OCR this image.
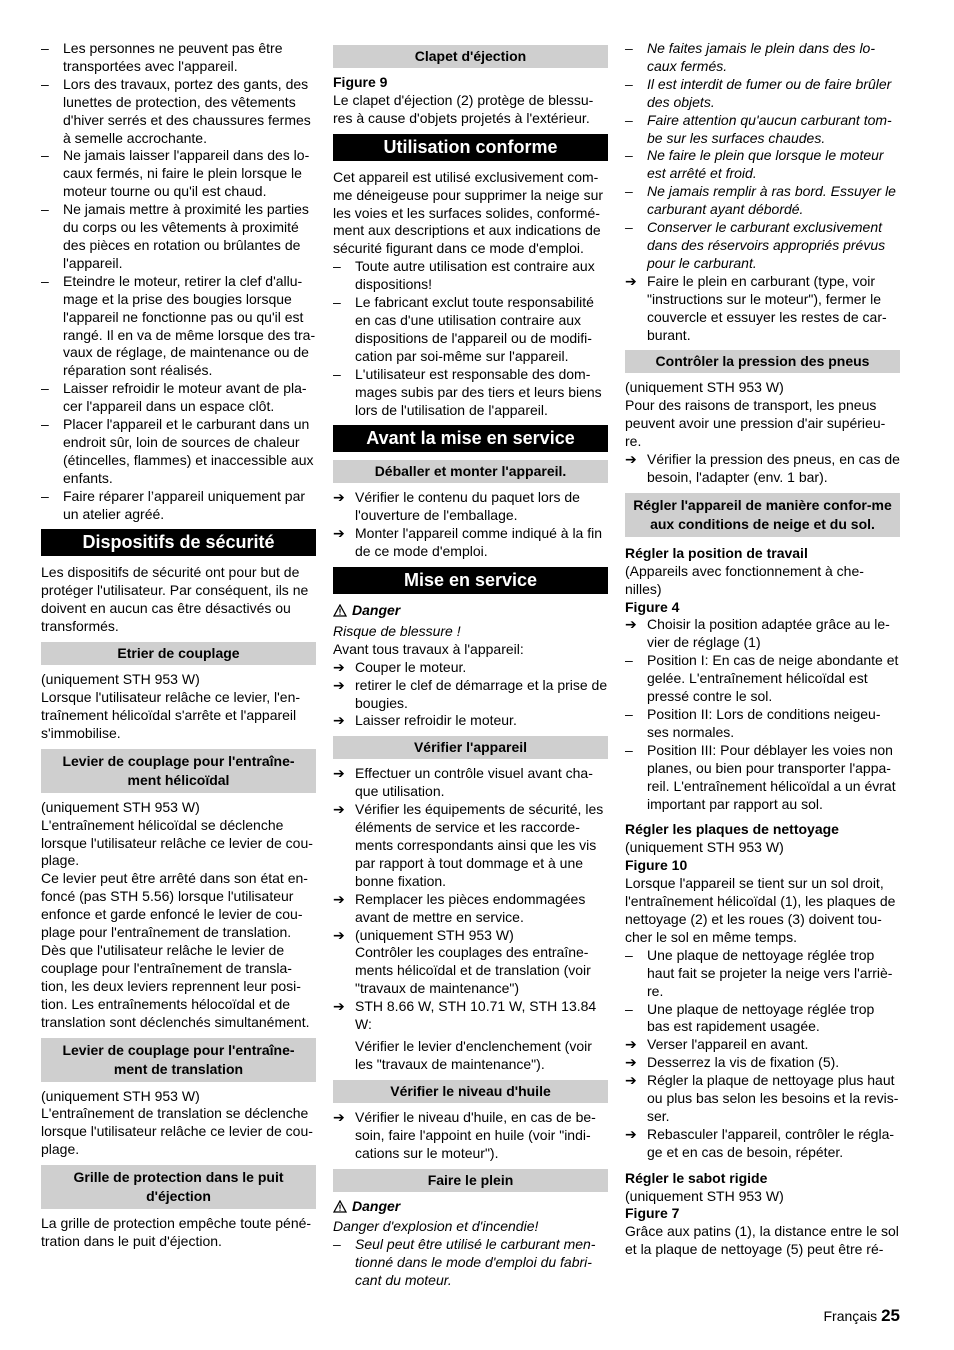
–	Les personnes ne peuvent pas être transportées avec l'appareil.
–	Lors des travaux, portez des gants, des lunettes de protection, des vêtements d'hiver serrés et des chaussures fermes à semelle accrochante.
–	Ne jamais laisser l'appareil dans des lo-caux fermés, ni faire le plein lorsque le moteur tourne ou qu'il est chaud.
–	Ne jamais mettre à proximité les parties du corps ou les vêtements à proximité des pièces en rotation ou brûlantes de l'appareil.
–	Eteindre le moteur, retirer la clef d'allu-mage et la prise des bougies lorsque l'appareil ne fonctionne pas ou qu'il est rangé. Il en va de même lorsque des tra-vaux de réglage, de maintenance ou de réparation sont réalisés.
–	Laisser refroidir le moteur avant de pla-cer l'appareil dans un espace clôt.
–	Placer l'appareil et le carburant dans un endroit sûr, loin de sources de chaleur (étincelles, flammes) et inaccessible aux enfants.
–	Faire réparer l’appareil uniquement par un atelier agréé.
Dispositifs de sécurité

Les dispositifs de sécurité ont pour but de protéger l'utilisateur. Par conséquent, ils ne doivent en aucun cas être désactivés ou transformés.

Etrier de couplage

(uniquement STH 953 W)
Lorsque l'utilisateur relâche ce levier, l'en-traînement hélicoïdal s'arrête et l'appareil s'immobilise.

Levier de couplage pour l'entraîne-ment hélicoïdal

(uniquement STH 953 W)
L'entraînement hélicoïdal se déclenche lorsque l'utilisateur relâche ce levier de cou-plage.
Ce levier peut être arrêté dans son état en-foncé (pas STH 5.56) lorsque l'utilisateur enfonce et garde enfoncé le levier de cou-plage pour l'entraînement de translation. Dès que l'utilisateur relâche le levier de couplage pour l'entraînement de transla-tion, les deux leviers reprennent leur posi-tion. Les entraînements hélocoïdal et de translation sont déclenchés simultanément.

Levier de couplage pour l'entraîne-ment de translation

(uniquement STH 953 W)
L'entraînement de translation se déclenche lorsque l'utilisateur relâche ce levier de cou-plage.

Grille de protection dans le puit d'éjection

La grille de protection empêche toute péné-tration dans le puit d'éjection.

Clapet d'éjection

Figure 9

Le clapet d'éjection (2) protège de blessu-res à cause d'objets projetés à l'extérieur.

Utilisation conforme

Cet appareil est utilisé exclusivement com-me déneigeuse pour supprimer la neige sur les voies et les surfaces solides, conformé-ment aux descriptions et aux indications de sécurité figurant dans ce mode d'emploi.

–	Toute autre utilisation est contraire aux dispositions!
–	Le fabricant exclut toute responsabilité en cas d'une utilisation contraire aux dispositions de l'appareil ou de modifi-cation par soi-même sur l'appareil.
–	L'utilisateur est responsable des dom-mages subis par des tiers et leurs biens lors de l'utilisation de l'appareil.
Avant la mise en service
Déballer et monter l'appareil.
➔ Vérifier le contenu du paquet lors de l'ouverture de l'emballage.
➔ Monter l'appareil comme indiqué à la fin de ce mode d'emploi.
Mise en service
Danger

Risque de blessure !

Avant tous travaux à l'appareil:

➔ Couper le moteur.
➔ retirer le clef de démarrage et la prise de bougies.
➔ Laisser refroidir le moteur.
Vérifier l'appareil
➔ Effectuer un contrôle visuel avant cha-que utilisation.
➔ Vérifier les équipements de sécurité, les éléments de service et les raccorde-ments correspondants ainsi que les vis par rapport à tout dommage et à une bonne fixation.
➔ Remplacer les pièces endommagées avant de mettre en service.
➔ (uniquement STH 953 W)
Contrôler les couplages des entraîne-ments hélicoïdal et de translation (voir "travaux de maintenance")
➔ STH 8.66 W, STH 10.71 W, STH 13.84 W:

Vérifier le levier d'enclenchement (voir les "travaux de maintenance").

Vérifier le niveau d'huile
➔ Vérifier le niveau d'huile, en cas de be-soin, faire l'appoint en huile (voir "indi-cations sur le moteur").
Faire le plein
Danger

Danger d'explosion et d'incendie!

–	Seul peut être utilisé le carburant men-tionné dans le mode d'emploi du fabri-cant du moteur.
–	Ne faites jamais le plein dans des lo-caux fermés.
–	Il est interdit de fumer ou de faire brûler des objets.
–	Faire attention qu'aucun carburant tom-be sur les surfaces chaudes.
–	Ne faire le plein que lorsque le moteur est arrêté et froid.
–	Ne jamais remplir à ras bord. Essuyer le carburant ayant débordé.
–	Conserver le carburant exclusivement dans des réservoirs appropriés prévus pour le carburant.
➔ Faire le plein en carburant (type, voir "instructions sur le moteur"), fermer le couvercle et essuyer les restes de car-burant.
Contrôler la pression des pneus

(uniquement STH 953 W)
Pour des raisons de transport, les pneus peuvent avoir une pression d'air supérieu-re.

➔ Vérifier la pression des pneus, en cas de besoin, l'adapter (env. 1 bar).
Régler l'appareil de manière confor-me aux conditions de neige et du sol.

Régler la position de travail

(Appareils avec fonctionnement à che-nilles)

Figure 4

➔ Choisir la position adaptée grâce au le-vier de réglage (1)
–	Position I: En cas de neige abondante et gelée. L'entraînement hélicoïdal est pressé contre le sol.
–	Position II: Lors de conditions neigeu-ses normales.
–	Position III: Pour déblayer les voies non planes, ou bien pour transporter l'appa-reil. L'entraînement hélicoïdal a un évrat important par rapport au sol.

Régler les plaques de nettoyage

(uniquement STH 953 W)

Figure 10

Lorsque l'appareil se tient sur un sol droit, l'entraînement hélicoïdal (1), les plaques de nettoyage (2) et les roues (3) doivent tou-cher le sol en même temps.

–	Une plaque de nettoyage réglée trop haut fait se projeter la neige vers l'arriè-re.
–	Une plaque de nettoyage réglée trop bas est rapidement usagée.
➔ Verser l'appareil en avant.
➔ Desserrez la vis de fixation (5).
➔ Régler la plaque de nettoyage plus haut ou plus bas selon les besoins et la revis-ser.
➔ Rebasculer l'appareil, contrôler le régla-ge et en cas de besoin, répéter.

Régler le sabot rigide

(uniquement STH 953 W)

Figure 7

Grâce aux patins (1), la distance entre le sol et la plaque de nettoyage (5) peut être ré-

Français 25
